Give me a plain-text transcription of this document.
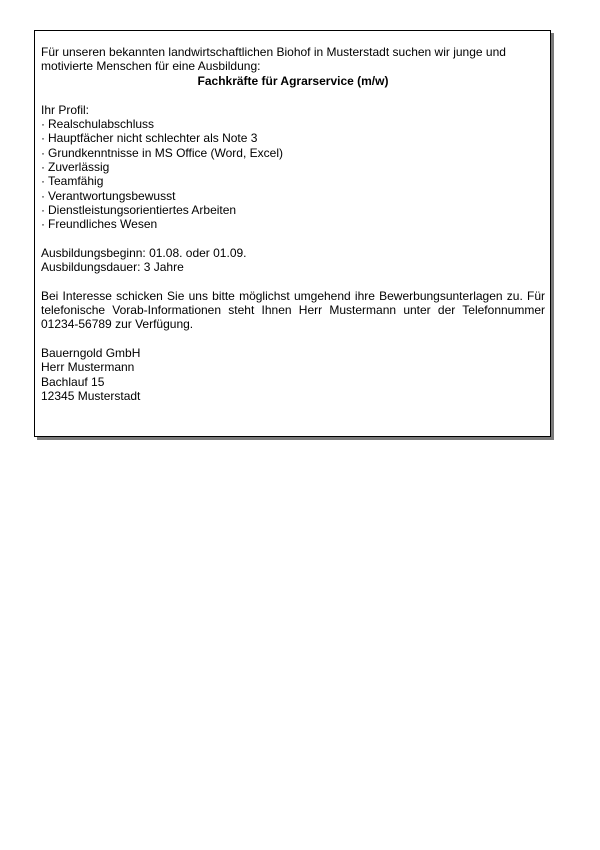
Für unseren bekannten landwirtschaftlichen Biohof in Musterstadt suchen wir junge und motivierte Menschen für eine Ausbildung:

Fachkräfte für Agrarservice (m/w)

Ihr Profil:

· Realschulabschluss
· Hauptfächer nicht schlechter als Note 3
· Grundkenntnisse in MS Office (Word, Excel)
· Zuverlässig
· Teamfähig
· Verantwortungsbewusst
· Dienstleistungsorientiertes Arbeiten
· Freundliches Wesen

Ausbildungsbeginn: 01.08. oder 01.09.

Ausbildungsdauer: 3 Jahre

Bei Interesse schicken Sie uns bitte möglichst umgehend ihre Bewerbungsunterlagen zu. Für telefonische Vorab-Informationen steht Ihnen Herr Mustermann unter der Telefonnummer 01234-56789 zur Verfügung.

Bauerngold GmbH

Herr Mustermann

Bachlauf 15

12345 Musterstadt
